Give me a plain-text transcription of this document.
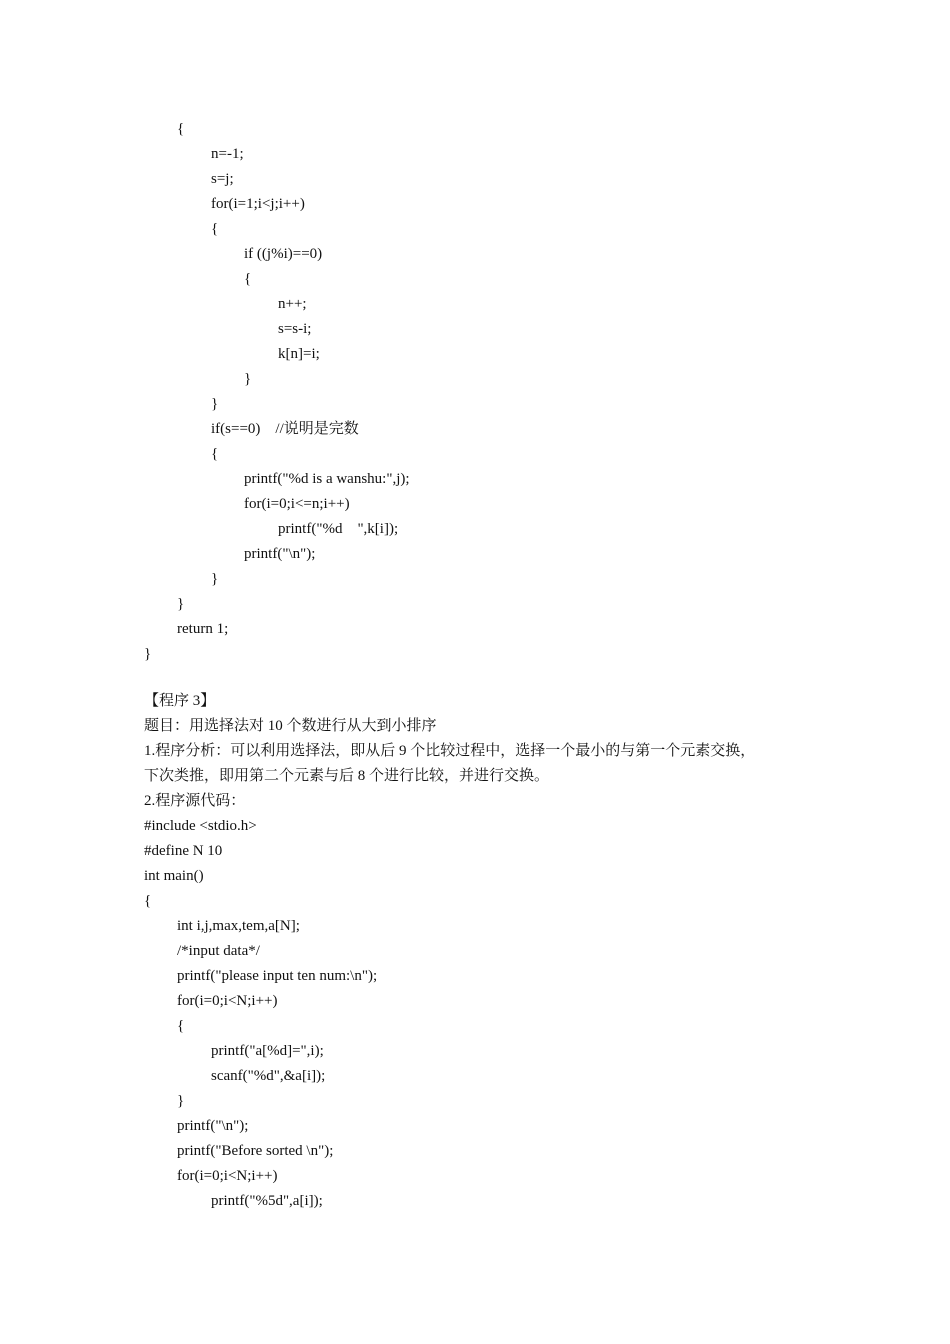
{
n=-1;
s=j;
for(i=1;i<j;i++)
{
if ((j%i)==0)
{
n++;
s=s-i;
k[n]=i;
}
}
if(s==0)    //说明是完数
{
printf("%d is a wanshu:",j);
for(i=0;i<=n;i++)
printf("%d    ",k[i]);
printf("\n");
}
}
return 1;
}
【程序 3】
题目：用选择法对 10 个数进行从大到小排序
1.程序分析：可以利用选择法，即从后 9 个比较过程中，选择一个最小的与第一个元素交换，
下次类推，即用第二个元素与后 8 个进行比较，并进行交换。
2.程序源代码：
#include <stdio.h>
#define N 10
int main()
{
int i,j,max,tem,a[N];
/*input data*/
printf("please input ten num:\n");
for(i=0;i<N;i++)
{
printf("a[%d]=",i);
scanf("%d",&a[i]);
}
printf("\n");
printf("Before sorted \n");
for(i=0;i<N;i++)
printf("%5d",a[i]);
